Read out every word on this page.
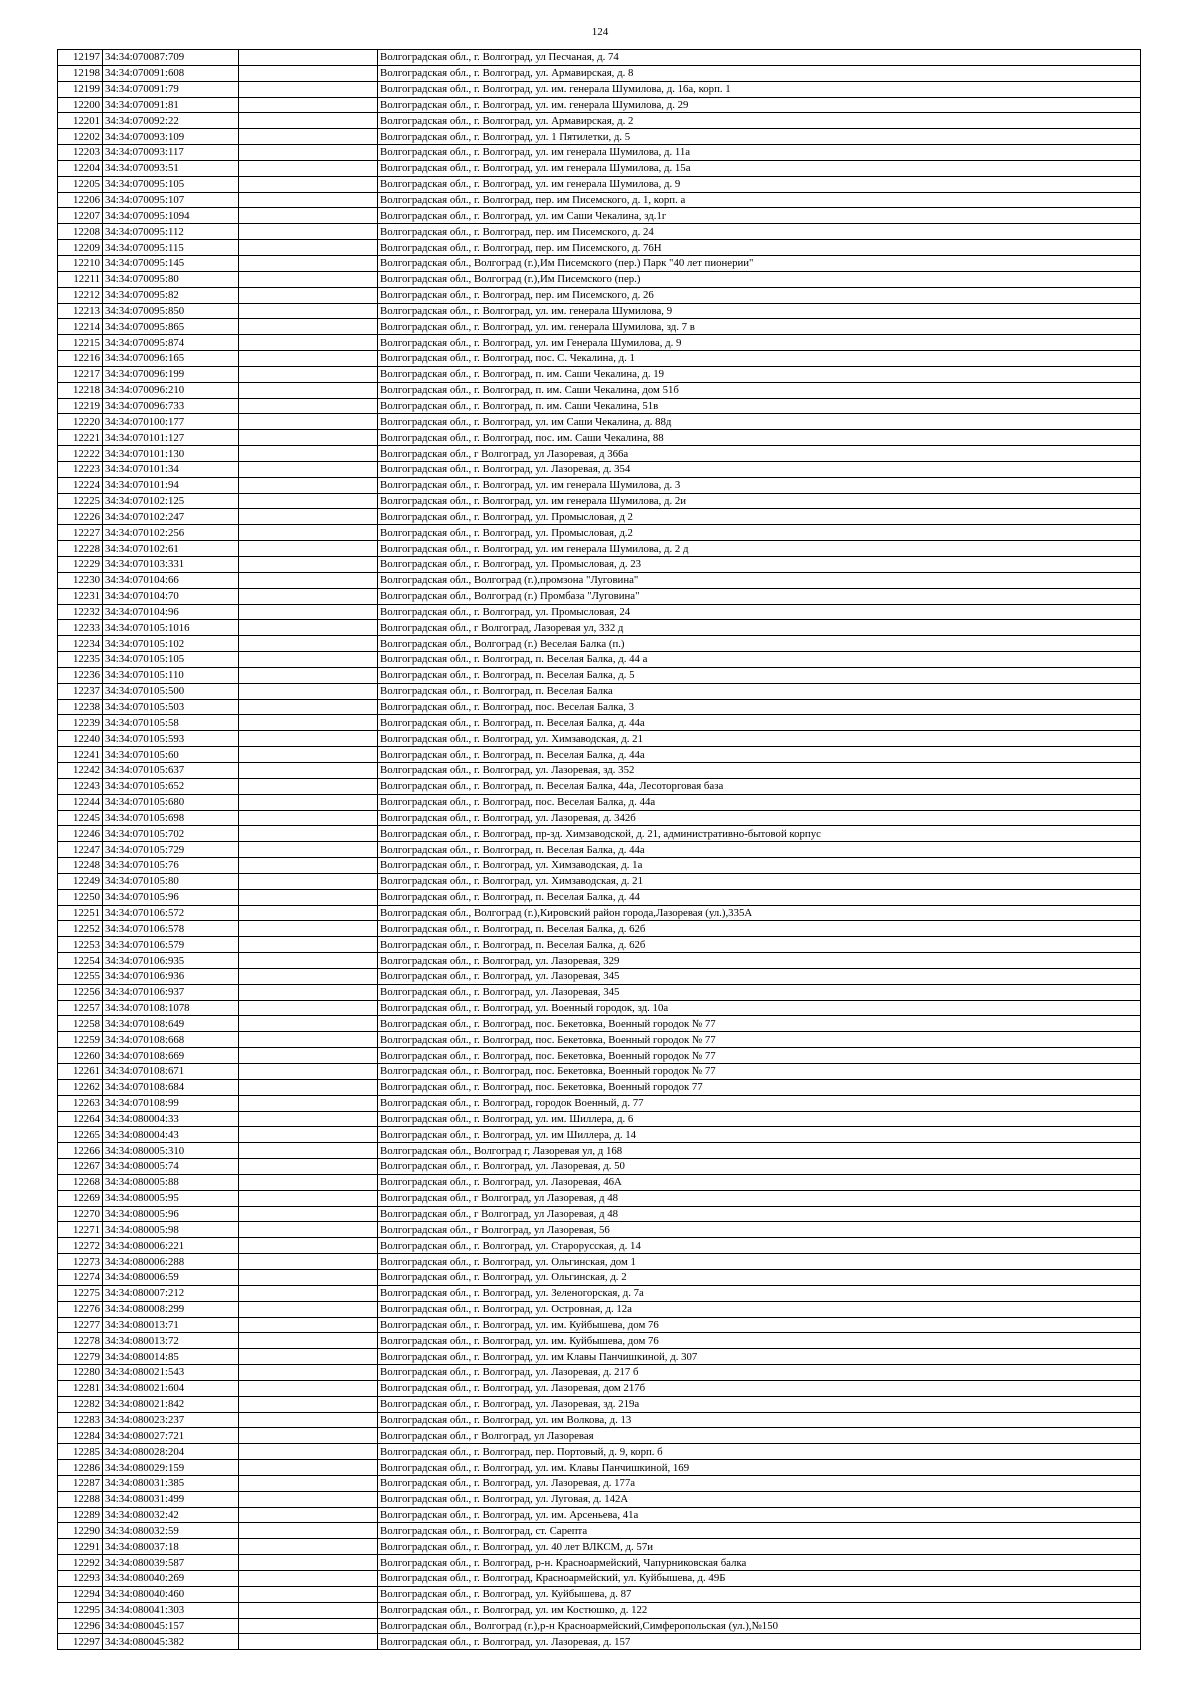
124
12197	34:34:070087:709		Волгоградская обл., г. Волгоград, ул Песчаная, д. 74
12198	34:34:070091:608		Волгоградская обл., г. Волгоград, ул. Армавирская, д. 8
12199	34:34:070091:79		Волгоградская обл., г. Волгоград, ул. им. генерала Шумилова, д. 16а, корп. 1
12200	34:34:070091:81		Волгоградская обл., г. Волгоград, ул. им. генерала Шумилова, д. 29
12201	34:34:070092:22		Волгоградская обл., г. Волгоград, ул. Армавирская, д. 2
12202	34:34:070093:109		Волгоградская обл., г. Волгоград, ул. 1 Пятилетки, д. 5
12203	34:34:070093:117		Волгоградская обл., г. Волгоград, ул. им генерала Шумилова, д. 11а
12204	34:34:070093:51		Волгоградская обл., г. Волгоград, ул. им генерала Шумилова, д. 15а
12205	34:34:070095:105		Волгоградская обл., г. Волгоград, ул. им генерала Шумилова, д. 9
12206	34:34:070095:107		Волгоградская обл., г. Волгоград, пер. им Писемского, д. 1, корп. а
12207	34:34:070095:1094		Волгоградская обл., г. Волгоград, ул. им Саши Чекалина, зд.1г
12208	34:34:070095:112		Волгоградская обл., г. Волгоград, пер. им Писемского, д. 24
12209	34:34:070095:115		Волгоградская обл., г. Волгоград, пер. им Писемского, д. 76Н
12210	34:34:070095:145		Волгоградская обл., Волгоград (г.),Им Писемского (пер.) Парк "40 лет пионерии"
12211	34:34:070095:80		Волгоградская обл., Волгоград (г.),Им Писемского (пер.)
12212	34:34:070095:82		Волгоградская обл., г. Волгоград, пер. им Писемского, д. 26
12213	34:34:070095:850		Волгоградская обл., г. Волгоград, ул. им. генерала Шумилова, 9
12214	34:34:070095:865		Волгоградская обл., г. Волгоград, ул. им. генерала Шумилова, зд. 7 в
12215	34:34:070095:874		Волгоградская обл., г. Волгоград, ул. им Генерала Шумилова, д. 9
12216	34:34:070096:165		Волгоградская обл., г. Волгоград, пос. С. Чекалина, д. 1
12217	34:34:070096:199		Волгоградская обл., г. Волгоград, п. им. Саши Чекалина, д. 19
12218	34:34:070096:210		Волгоградская обл., г. Волгоград, п. им. Саши Чекалина, дом 51б
12219	34:34:070096:733		Волгоградская обл., г. Волгоград, п. им. Саши Чекалина, 51в
12220	34:34:070100:177		Волгоградская обл., г. Волгоград, ул. им Саши Чекалина, д. 88д
12221	34:34:070101:127		Волгоградская обл., г. Волгоград, пос. им. Саши Чекалина, 88
12222	34:34:070101:130		Волгоградская обл., г Волгоград, ул Лазоревая, д 366а
12223	34:34:070101:34		Волгоградская обл., г. Волгоград, ул. Лазоревая, д. 354
12224	34:34:070101:94		Волгоградская обл., г. Волгоград, ул. им генерала Шумилова, д. 3
12225	34:34:070102:125		Волгоградская обл., г. Волгоград, ул. им генерала Шумилова, д. 2и
12226	34:34:070102:247		Волгоградская обл., г. Волгоград, ул. Промысловая, д 2
12227	34:34:070102:256		Волгоградская обл., г. Волгоград, ул. Промысловая, д.2
12228	34:34:070102:61		Волгоградская обл., г. Волгоград, ул. им генерала Шумилова, д. 2 д
12229	34:34:070103:331		Волгоградская обл., г. Волгоград, ул. Промысловая, д. 23
12230	34:34:070104:66		Волгоградская обл., Волгоград (г.),промзона "Луговина"
12231	34:34:070104:70		Волгоградская обл., Волгоград (г.) Промбаза "Луговина"
12232	34:34:070104:96		Волгоградская обл., г. Волгоград, ул. Промысловая, 24
12233	34:34:070105:1016		Волгоградская обл., г Волгоград, Лазоревая ул, 332 д
12234	34:34:070105:102		Волгоградская обл., Волгоград (г.) Веселая Балка (п.)
12235	34:34:070105:105		Волгоградская обл., г. Волгоград, п. Веселая Балка, д. 44 а
12236	34:34:070105:110		Волгоградская обл., г. Волгоград, п. Веселая Балка, д. 5
12237	34:34:070105:500		Волгоградская обл., г. Волгоград, п. Веселая Балка
12238	34:34:070105:503		Волгоградская обл., г. Волгоград, пос. Веселая Балка, 3
12239	34:34:070105:58		Волгоградская обл., г. Волгоград, п. Веселая Балка, д. 44а
12240	34:34:070105:593		Волгоградская обл., г. Волгоград, ул. Химзаводская, д. 21
12241	34:34:070105:60		Волгоградская обл., г. Волгоград, п. Веселая Балка, д. 44а
12242	34:34:070105:637		Волгоградская обл., г. Волгоград, ул. Лазоревая, зд. 352
12243	34:34:070105:652		Волгоградская обл., г. Волгоград, п. Веселая Балка, 44а, Лесоторговая база
12244	34:34:070105:680		Волгоградская обл., г. Волгоград, пос. Веселая Балка, д. 44а
12245	34:34:070105:698		Волгоградская обл., г. Волгоград, ул. Лазоревая, д. 342б
12246	34:34:070105:702		Волгоградская обл., г. Волгоград, пр-зд. Химзаводской, д. 21, административно-бытовой корпус
12247	34:34:070105:729		Волгоградская обл., г. Волгоград, п. Веселая Балка, д. 44а
12248	34:34:070105:76		Волгоградская обл., г. Волгоград, ул. Химзаводская, д. 1а
12249	34:34:070105:80		Волгоградская обл., г. Волгоград, ул. Химзаводская, д. 21
12250	34:34:070105:96		Волгоградская обл., г. Волгоград, п. Веселая Балка, д. 44
12251	34:34:070106:572		Волгоградская обл., Волгоград (г.),Кировский район города,Лазоревая (ул.),335А
12252	34:34:070106:578		Волгоградская обл., г. Волгоград, п. Веселая Балка, д. 62б
12253	34:34:070106:579		Волгоградская обл., г. Волгоград, п. Веселая Балка, д. 62б
12254	34:34:070106:935		Волгоградская обл., г. Волгоград, ул. Лазоревая, 329
12255	34:34:070106:936		Волгоградская обл., г. Волгоград, ул. Лазоревая, 345
12256	34:34:070106:937		Волгоградская обл., г. Волгоград, ул. Лазоревая, 345
12257	34:34:070108:1078		Волгоградская обл., г. Волгоград, ул. Военный городок, зд. 10а
12258	34:34:070108:649		Волгоградская обл., г. Волгоград, пос. Бекетовка, Военный городок № 77
12259	34:34:070108:668		Волгоградская обл., г. Волгоград, пос. Бекетовка, Военный городок № 77
12260	34:34:070108:669		Волгоградская обл., г. Волгоград, пос. Бекетовка, Военный городок № 77
12261	34:34:070108:671		Волгоградская обл., г. Волгоград, пос. Бекетовка, Военный городок № 77
12262	34:34:070108:684		Волгоградская обл., г. Волгоград, пос. Бекетовка, Военный городок 77
12263	34:34:070108:99		Волгоградская обл., г. Волгоград, городок Военный, д. 77
12264	34:34:080004:33		Волгоградская обл., г. Волгоград, ул. им. Шиллера, д. 6
12265	34:34:080004:43		Волгоградская обл., г. Волгоград, ул. им Шиллера, д. 14
12266	34:34:080005:310		Волгоградская обл., Волгоград г, Лазоревая ул, д 168
12267	34:34:080005:74		Волгоградская обл., г. Волгоград, ул. Лазоревая, д. 50
12268	34:34:080005:88		Волгоградская обл., г. Волгоград, ул. Лазоревая, 46А
12269	34:34:080005:95		Волгоградская обл., г Волгоград, ул Лазоревая, д 48
12270	34:34:080005:96		Волгоградская обл., г Волгоград, ул Лазоревая, д 48
12271	34:34:080005:98		Волгоградская обл., г Волгоград, ул Лазоревая, 56
12272	34:34:080006:221		Волгоградская обл., г. Волгоград, ул. Старорусская, д. 14
12273	34:34:080006:288		Волгоградская обл., г. Волгоград, ул. Ольгинская, дом 1
12274	34:34:080006:59		Волгоградская обл., г. Волгоград, ул. Ольгинская, д. 2
12275	34:34:080007:212		Волгоградская обл., г. Волгоград, ул. Зеленогорская, д. 7а
12276	34:34:080008:299		Волгоградская обл., г. Волгоград, ул. Островная, д. 12а
12277	34:34:080013:71		Волгоградская обл., г. Волгоград, ул. им. Куйбышева, дом 76
12278	34:34:080013:72		Волгоградская обл., г. Волгоград, ул. им. Куйбышева, дом 76
12279	34:34:080014:85		Волгоградская обл., г. Волгоград, ул. им Клавы Панчишкиной, д. 307
12280	34:34:080021:543		Волгоградская обл., г. Волгоград, ул. Лазоревая, д. 217 б
12281	34:34:080021:604		Волгоградская обл., г. Волгоград, ул. Лазоревая, дом 217б
12282	34:34:080021:842		Волгоградская обл., г. Волгоград, ул. Лазоревая, зд. 219а
12283	34:34:080023:237		Волгоградская обл., г. Волгоград, ул. им Волкова, д. 13
12284	34:34:080027:721		Волгоградская обл., г Волгоград, ул Лазоревая
12285	34:34:080028:204		Волгоградская обл., г. Волгоград, пер. Портовый, д. 9, корп. б
12286	34:34:080029:159		Волгоградская обл., г. Волгоград, ул. им. Клавы Панчишкиной, 169
12287	34:34:080031:385		Волгоградская обл., г. Волгоград, ул. Лазоревая, д. 177а
12288	34:34:080031:499		Волгоградская обл., г. Волгоград, ул. Луговая, д. 142А
12289	34:34:080032:42		Волгоградская обл., г. Волгоград, ул. им. Арсеньева, 41а
12290	34:34:080032:59		Волгоградская обл., г. Волгоград, ст. Сарепта
12291	34:34:080037:18		Волгоградская обл., г. Волгоград, ул. 40 лет ВЛКСМ, д. 57и
12292	34:34:080039:587		Волгоградская обл., г. Волгоград, р-н. Красноармейский, Чапурниковская балка
12293	34:34:080040:269		Волгоградская обл., г. Волгоград, Красноармейский, ул. Куйбышева, д. 49Б
12294	34:34:080040:460		Волгоградская обл., г. Волгоград, ул. Куйбышева, д. 87
12295	34:34:080041:303		Волгоградская обл., г. Волгоград, ул. им Костюшко, д. 122
12296	34:34:080045:157		Волгоградская обл., Волгоград (г.),р-н Красноармейский,Симферопольская (ул.),№150
12297	34:34:080045:382		Волгоградская обл., г. Волгоград, ул. Лазоревая, д. 157
